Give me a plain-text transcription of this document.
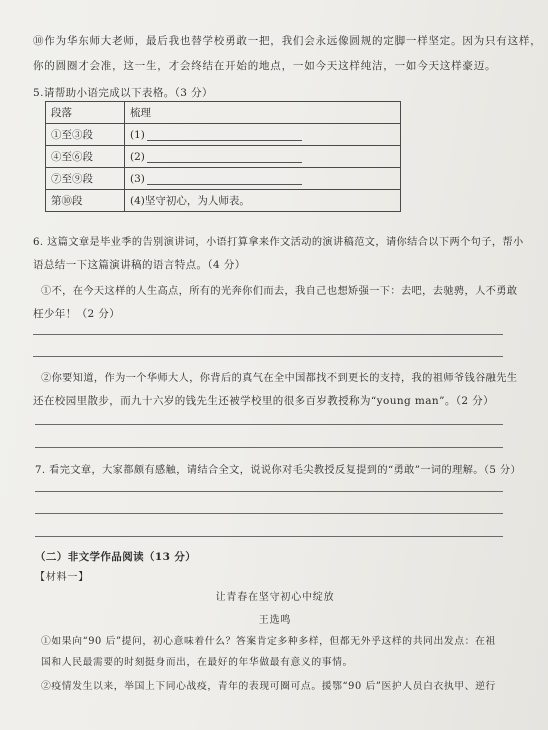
⑩作为华东师大老师，最后我也替学校勇敢一把，我们会永远像圆规的定脚一样坚定。因为只有这样，
你的圆圈才会准，这一生，才会终结在开始的地点，一如今天这样纯洁，一如今天这样豪迈。
5.请帮助小语完成以下表格。（3 分）
段落	梳理
①至③段	(1)
④至⑥段	(2)
⑦至⑨段	(3)
第⑩段	(4)坚守初心，为人师表。
6. 这篇文章是毕业季的告别演讲词，小语打算拿来作文活动的演讲稿范文，请你结合以下两个句子，帮小
语总结一下这篇演讲稿的语言特点。（4 分）
①不，在今天这样的人生高点，所有的光奔你们而去，我自己也想矫强一下：去吧，去驰骋，人不勇敢
枉少年！（2 分）
②你要知道，作为一个华师大人，你背后的真气在全中国都找不到更长的支持，我的祖师爷钱谷融先生
还在校园里散步，而九十六岁的钱先生还被学校里的很多百岁教授称为“young man”。（2 分）
7. 看完文章，大家都颇有感触，请结合全文，说说你对毛尖教授反复提到的“勇敢”一词的理解。（5 分）
（二）非文学作品阅读（13 分）
【材料一】
让青春在坚守初心中绽放
王选鸣
①如果向“90 后”提问，初心意味着什么？答案肯定多种多样，但都无外乎这样的共同出发点：在祖
国和人民最需要的时刻挺身而出，在最好的年华做最有意义的事情。
②疫情发生以来，举国上下同心战疫，青年的表现可圈可点。援鄂“90 后”医护人员白衣执甲、逆行
